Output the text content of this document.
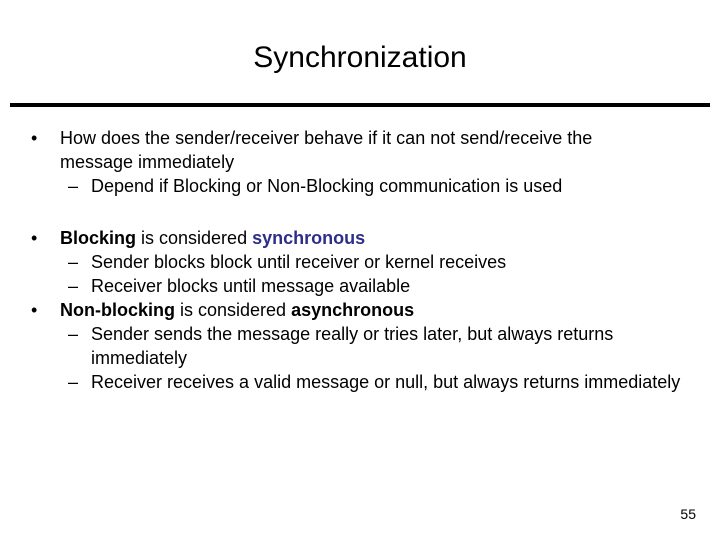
Synchronization
• How does the sender/receiver behave if it can not send/receive the message immediately
– Depend if Blocking or Non-Blocking communication is used
• Blocking is considered synchronous
– Sender blocks block until receiver or kernel receives
– Receiver blocks until message available
• Non-blocking is considered asynchronous
– Sender sends the message really or tries later, but always returns immediately
– Receiver receives a valid message or null, but always returns immediately
55
